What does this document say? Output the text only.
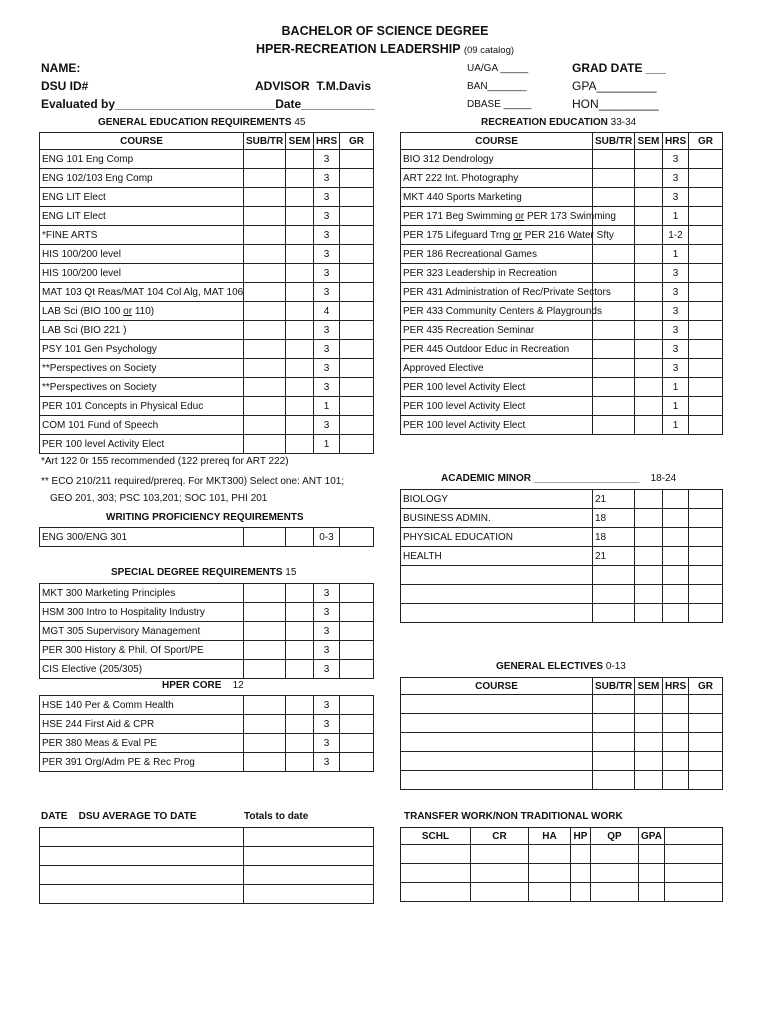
BACHELOR OF SCIENCE DEGREE
HPER-RECREATION LEADERSHIP (09 catalog)
NAME:
DSU ID#	ADVISOR T.M.Davis
Evaluated by________________________Date___________
UA/GA _____
BAN_______
DBASE _____
GRAD DATE ___
GPA_________
HON_________
GENERAL EDUCATION REQUIREMENTS 45
COURSE	SUB/TR	SEM	HRS	GR
ENG 101 Eng Comp			3	
ENG 102/103 Eng Comp			3	
ENG LIT Elect			3	
ENG LIT Elect			3	
*FINE ARTS			3	
HIS 100/200 level			3	
HIS 100/200 level			3	
MAT 103 Qt Reas/MAT 104 Col Alg, MAT 106			3	
LAB Sci (BIO 100 or 110)			4	
LAB Sci (BIO 221 )			3	
PSY 101 Gen Psychology			3	
**Perspectives on Society			3	
**Perspectives on Society			3	
PER 101 Concepts in Physical Educ			1	
COM 101 Fund of Speech			3	
PER 100 level Activity Elect			1	
*Art 122 0r 155 recommended (122 prereq for ART 222)
** ECO 210/211 required/prereq. For MKT300) Select one: ANT 101;
GEO 201, 303; PSC 103,201; SOC 101, PHI 201
WRITING PROFICIENCY REQUIREMENTS
ENG 300/ENG 301			0-3	
SPECIAL DEGREE REQUIREMENTS 15
MKT 300 Marketing Principles			3	
HSM 300 Intro to Hospitality Industry			3	
MGT 305 Supervisory Management			3	
PER 300 History & Phil. Of Sport/PE			3	
CIS Elective (205/305)			3	
HPER CORE 12
HSE 140 Per & Comm Health			3	
HSE 244 First Aid & CPR			3	
PER 380 Meas & Eval PE			3	
PER 391 Org/Adm PE & Rec Prog			3	
RECREATION EDUCATION 33-34
COURSE	SUB/TR	SEM	HRS	GR
BIO 312 Dendrology			3	
ART 222 Int. Photography			3	
MKT 440 Sports Marketing			3	
PER 171 Beg Swimming or PER 173 Swimming			1	
PER 175 Lifeguard Trng or PER 216 Water Sfty			1-2	
PER 186 Recreational Games			1	
PER 323 Leadership in Recreation			3	
PER 431 Administration of Rec/Private Sectors			3	
PER 433 Community Centers & Playgrounds			3	
PER 435 Recreation Seminar			3	
PER 445 Outdoor Educ in Recreation			3	
Approved Elective			3	
PER 100 level Activity Elect			1	
PER 100 level Activity Elect			1	
PER 100 level Activity Elect			1	
ACADEMIC MINOR ___________________ 18-24
BIOLOGY	21			
BUSINESS ADMIN.	18			
PHYSICAL EDUCATION	18			
HEALTH	21			

GENERAL ELECTIVES 0-13
COURSE	SUB/TR	SEM	HRS	GR

DATE DSU AVERAGE TO DATE	Totals to date

		TRANSFER WORK/NON TRADITIONAL WORK
SCHL	CR	HA	HP	QP	GPA	
